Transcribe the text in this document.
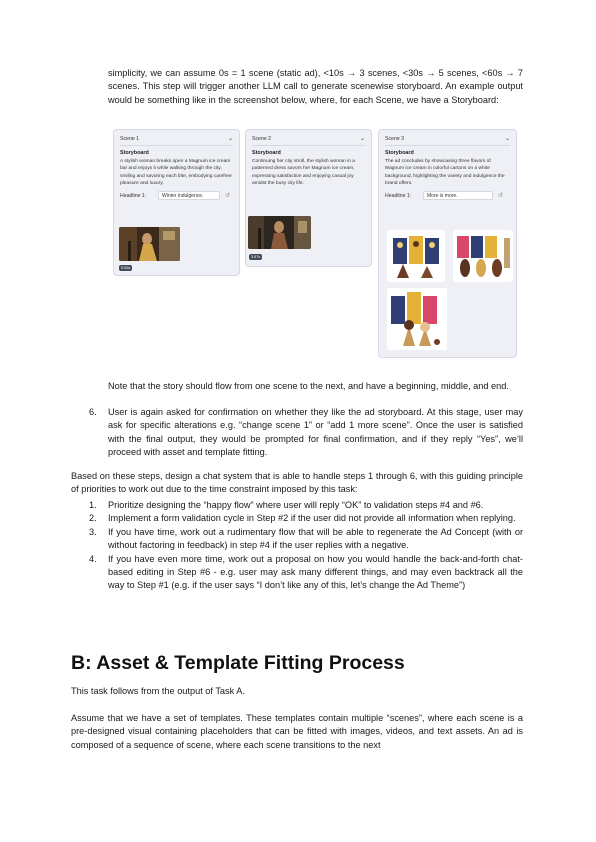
simplicity, we can assume 0s = 1 scene (static ad), <10s → 3 scenes, <30s → 5 scenes, <60s → 7 scenes. This step will trigger another LLM call to generate scenewise storyboard. An example output would be something like in the screenshot below, where, for each Scene, we have a Storyboard:

Scene 1	⌄
Storyboard
A stylish woman breaks open a Magnum ice cream bar and enjoys it while walking through the city, smiling and savoring each bite, embodying carefree pleasure and luxury.
Headline 1:	Winter indulgence.	↺
9.00s
Scene 2	⌄
Storyboard
Continuing her city stroll, the stylish woman in a patterned dress savors her Magnum ice cream, expressing satisfaction and enjoying casual joy amidst the busy city life.
3.97s
Scene 3	⌄
Storyboard
The ad concludes by showcasing three flavors of Magnum ice cream in colorful cartons on a white background, highlighting the variety and indulgence the brand offers.
Headline 1:	More is more.	↺

Note that the story should flow from one scene to the next, and have a beginning, middle, and end.

6.	User is again asked for confirmation on whether they like the ad storyboard. At this stage, user may ask for specific alterations e.g. “change scene 1” or “add 1 more scene”. Once the user is satisfied with the final output, they would be prompted for final confirmation, and if they reply “Yes”, we’ll proceed with asset and template fitting.

Based on these steps, design a chat system that is able to handle steps 1 through 6, with this guiding principle of priorities to work out due to the time constraint imposed by this task:

1.	Prioritize designing the “happy flow” where user will reply “OK” to validation steps #4 and #6.
2.	Implement a form validation cycle in Step #2 if the user did not provide all information when replying.
3.	If you have time, work out a rudimentary flow that will be able to regenerate the Ad Concept (with or without factoring in feedback) in step #4 if the user replies with a negative.
4.	If you have even more time, work out a proposal on how you would handle the back-and-forth chat-based editing in Step #6 - e.g. user may ask many different things, and may even backtrack all the way to Step #1 (e.g. if the user says “I don’t like any of this, let’s change the Ad Theme”)
B: Asset & Template Fitting Process

This task follows from the output of Task A.

Assume that we have a set of templates. These templates contain multiple “scenes”, where each scene is a pre-designed visual containing placeholders that can be fitted with images, videos, and text assets. An ad is composed of a sequence of scene, where each scene transitions to the next
